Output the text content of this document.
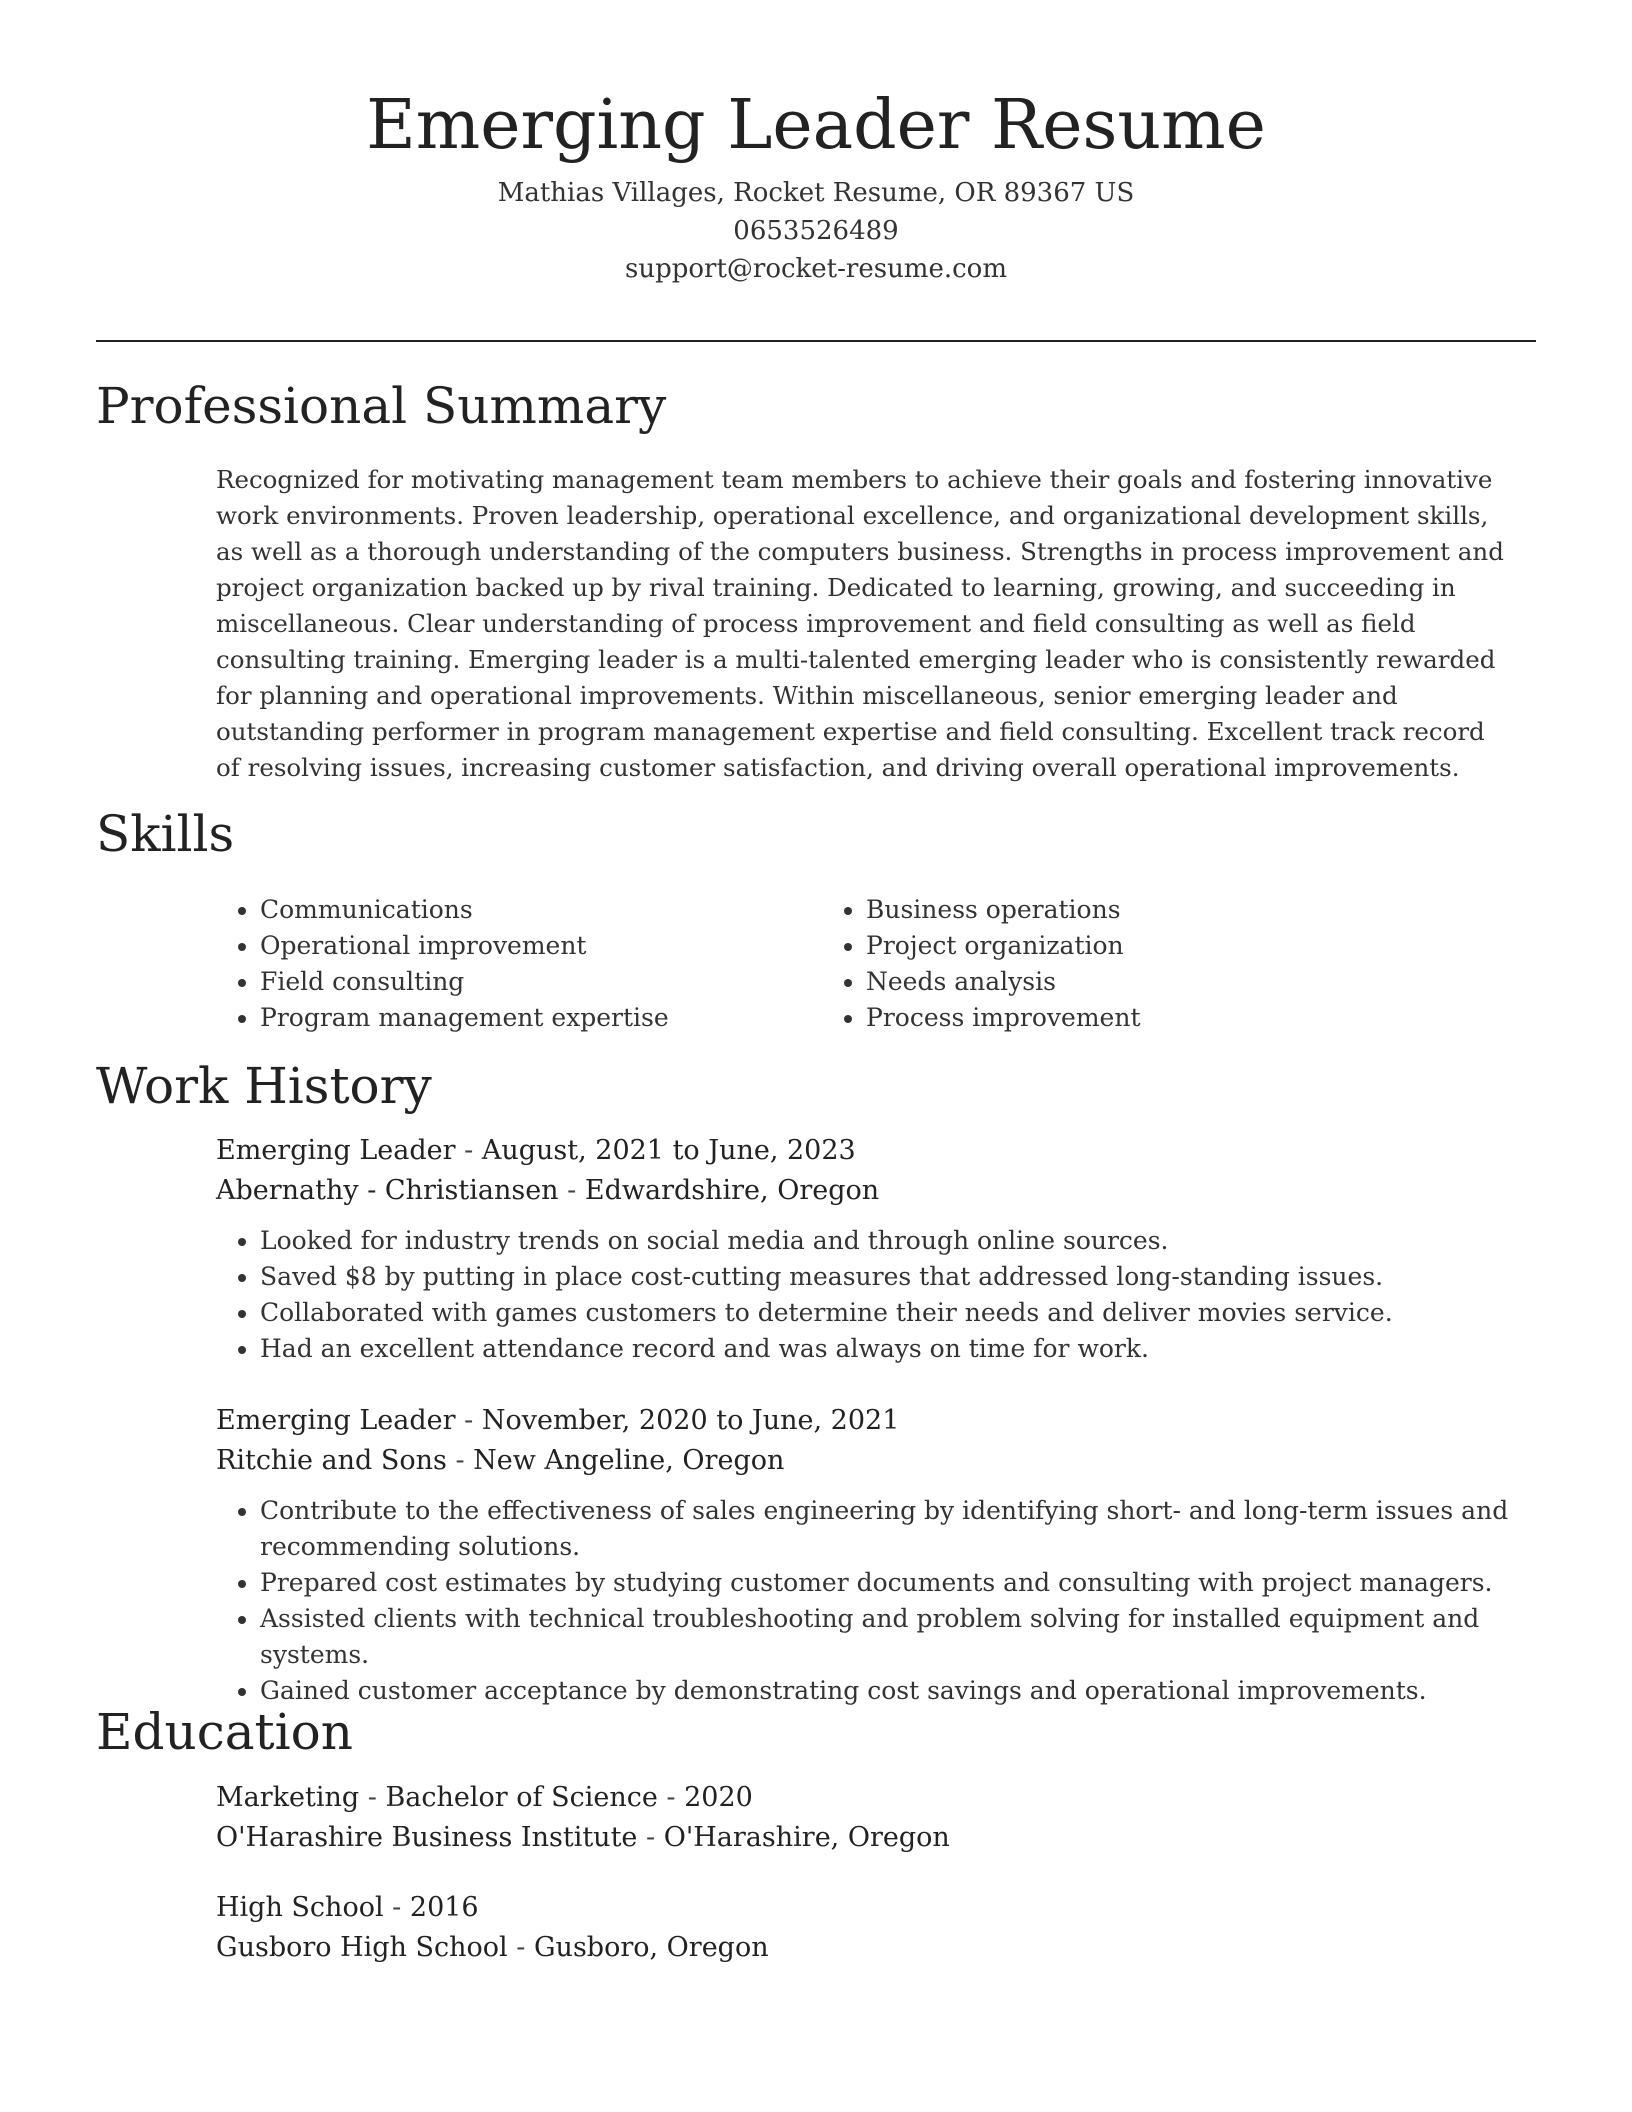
Emerging Leader Resume
Mathias Villages, Rocket Resume, OR 89367 US
0653526489
support@rocket-resume.com
Professional Summary
Recognized for motivating management team members to achieve their goals and fostering innovative work environments. Proven leadership, operational excellence, and organizational development skills, as well as a thorough understanding of the computers business. Strengths in process improvement and project organization backed up by rival training. Dedicated to learning, growing, and succeeding in miscellaneous. Clear understanding of process improvement and field consulting as well as field consulting training. Emerging leader is a multi-talented emerging leader who is consistently rewarded for planning and operational improvements. Within miscellaneous, senior emerging leader and outstanding performer in program management expertise and field consulting. Excellent track record of resolving issues, increasing customer satisfaction, and driving overall operational improvements.
Skills
• Communications
• Operational improvement
• Field consulting
• Program management expertise
• Business operations
• Project organization
• Needs analysis
• Process improvement
Work History
Emerging Leader - August, 2021 to June, 2023
Abernathy - Christiansen - Edwardshire, Oregon
• Looked for industry trends on social media and through online sources.
• Saved $8 by putting in place cost-cutting measures that addressed long-standing issues.
• Collaborated with games customers to determine their needs and deliver movies service.
• Had an excellent attendance record and was always on time for work.
Emerging Leader - November, 2020 to June, 2021
Ritchie and Sons - New Angeline, Oregon
• Contribute to the effectiveness of sales engineering by identifying short- and long-term issues and recommending solutions.
• Prepared cost estimates by studying customer documents and consulting with project managers.
• Assisted clients with technical troubleshooting and problem solving for installed equipment and systems.
• Gained customer acceptance by demonstrating cost savings and operational improvements.
Education
Marketing - Bachelor of Science - 2020
O'Harashire Business Institute - O'Harashire, Oregon
High School - 2016
Gusboro High School - Gusboro, Oregon
